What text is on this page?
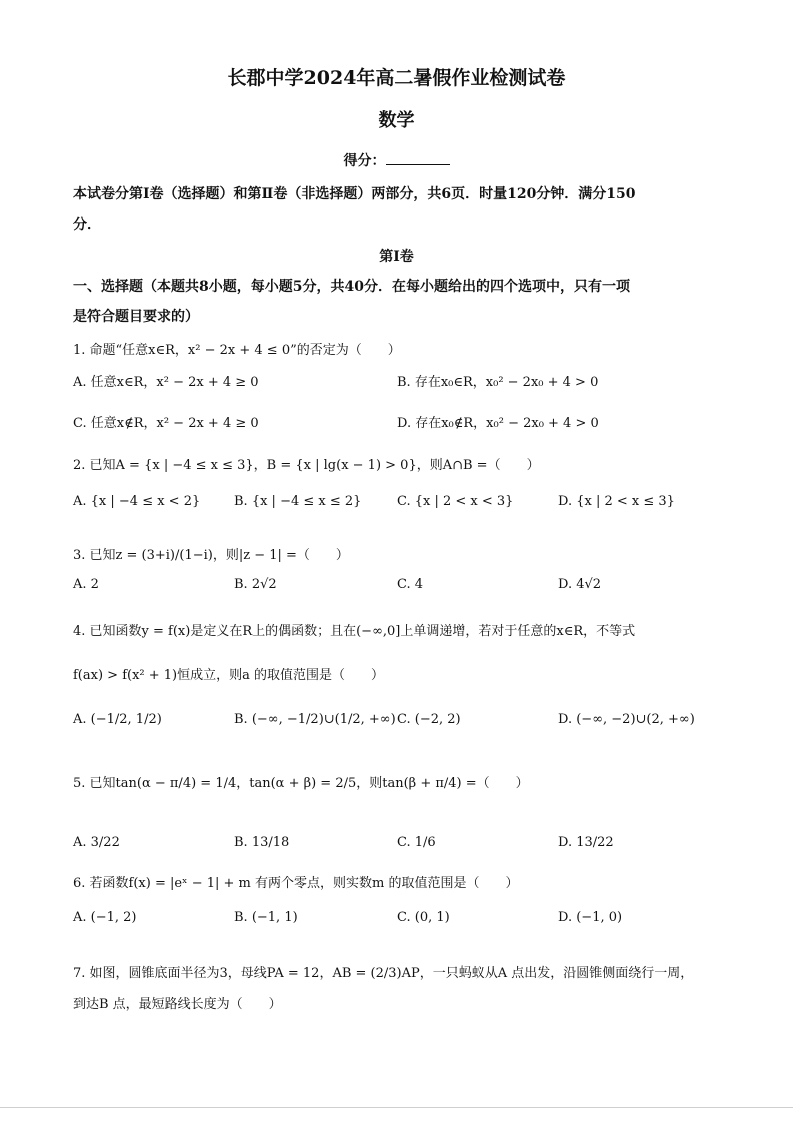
长郡中学2024年高二暑假作业检测试卷
数学
得分：
本试卷分第Ⅰ卷（选择题）和第Ⅱ卷（非选择题）两部分，共6页．时量120分钟．满分150
分．
第Ⅰ卷
一、选择题（本题共8小题，每小题5分，共40分．在每小题给出的四个选项中，只有一项
是符合题目要求的）
1. 命题“任意x∈R，x² − 2x + 4 ≤ 0”的否定为（　　）
A. 任意x∈R，x² − 2x + 4 ≥ 0	B. 存在x₀∈R，x₀² − 2x₀ + 4 > 0
C. 任意x∉R，x² − 2x + 4 ≥ 0	D. 存在x₀∉R，x₀² − 2x₀ + 4 > 0
2. 已知A = {x | −4 ≤ x ≤ 3}，B = {x | lg(x − 1) > 0}，则A∩B =（　　）
A. {x | −4 ≤ x < 2}	B. {x | −4 ≤ x ≤ 2}	C. {x | 2 < x < 3}	D. {x | 2 < x ≤ 3}
3. 已知z = (3+i)/(1−i)，则|z − 1| =（　　）
A. 2	B. 2√2	C. 4	D. 4√2
4. 已知函数y = f(x)是定义在R上的偶函数；且在(−∞,0]上单调递增，若对于任意的x∈R，不等式
f(ax) > f(x² + 1)恒成立，则a 的取值范围是（　　）
A. (−1/2, 1/2)	B. (−∞, −1/2)∪(1/2, +∞) C. (−2, 2)	D. (−∞, −2)∪(2, +∞)
5. 已知tan(α − π/4) = 1/4，tan(α + β) = 2/5，则tan(β + π/4) =（　　）
A. 3/22	B. 13/18	C. 1/6	D. 13/22
6. 若函数f(x) = |eˣ − 1| + m 有两个零点，则实数m 的取值范围是（　　）
A. (−1, 2)	B. (−1, 1)	C. (0, 1)	D. (−1, 0)
7. 如图，圆锥底面半径为3，母线PA = 12，AB = (2/3)AP，一只蚂蚁从A 点出发，沿圆锥侧面绕行一周，
到达B 点，最短路线长度为（　　）
